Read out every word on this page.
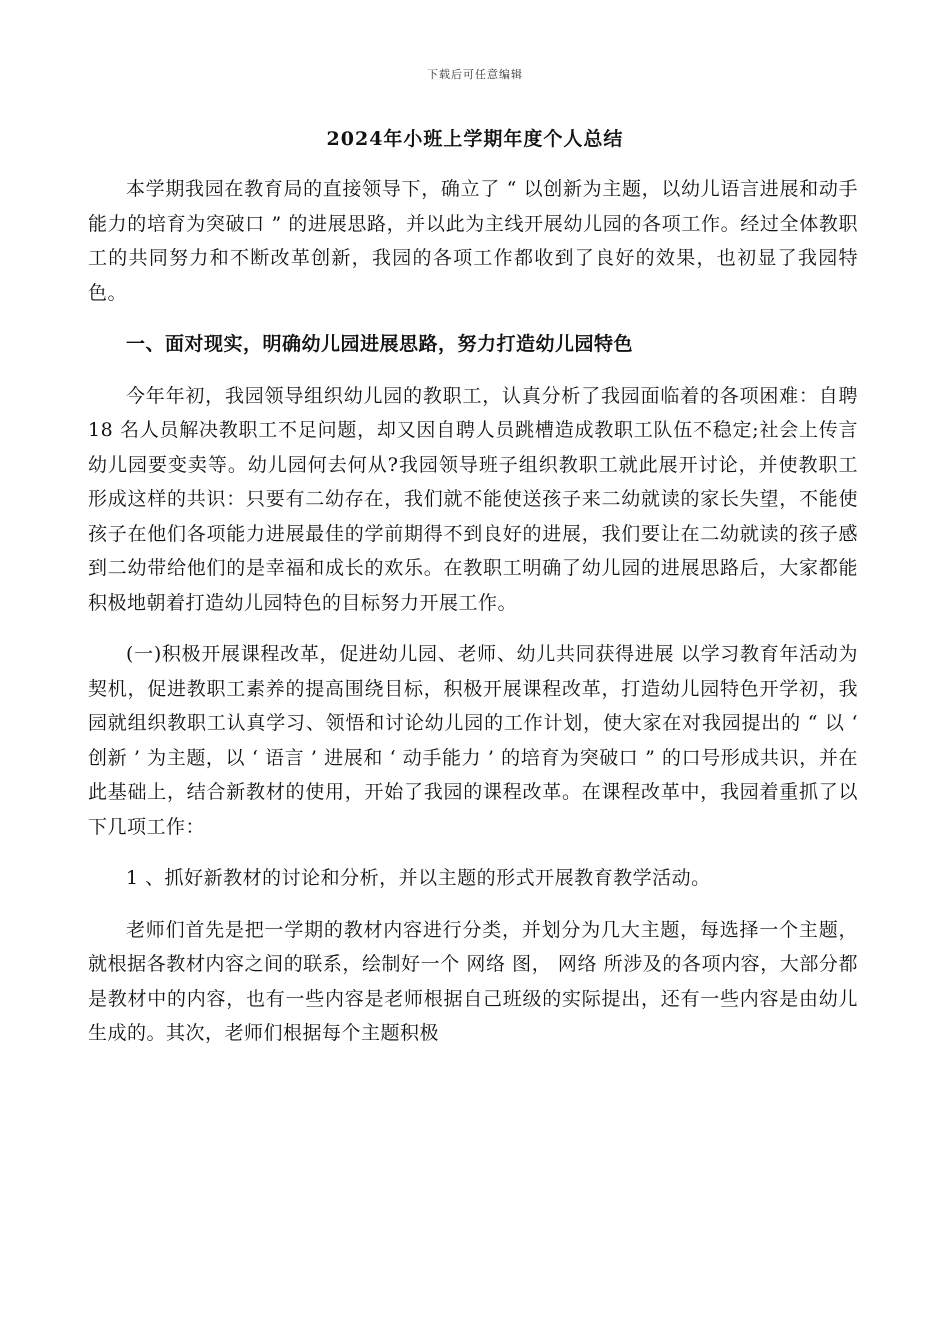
下载后可任意编辑
2024年小班上学期年度个人总结

本学期我园在教育局的直接领导下，确立了 “ 以创新为主题，以幼儿语言进展和动手能力的培育为突破口 ” 的进展思路，并以此为主线开展幼儿园的各项工作。经过全体教职工的共同努力和不断改革创新，我园的各项工作都收到了良好的效果，也初显了我园特色。

一、面对现实，明确幼儿园进展思路，努力打造幼儿园特色

今年年初，我园领导组织幼儿园的教职工，认真分析了我园面临着的各项困难：自聘 18 名人员解决教职工不足问题，却又因自聘人员跳槽造成教职工队伍不稳定;社会上传言幼儿园要变卖等。幼儿园何去何从?我园领导班子组织教职工就此展开讨论，并使教职工形成这样的共识：只要有二幼存在，我们就不能使送孩子来二幼就读的家长失望，不能使孩子在他们各项能力进展最佳的学前期得不到良好的进展，我们要让在二幼就读的孩子感到二幼带给他们的是幸福和成长的欢乐。在教职工明确了幼儿园的进展思路后，大家都能积极地朝着打造幼儿园特色的目标努力开展工作。

(一)积极开展课程改革，促进幼儿园、老师、幼儿共同获得进展 以学习教育年活动为契机，促进教职工素养的提高围绕目标，积极开展课程改革，打造幼儿园特色开学初，我园就组织教职工认真学习、领悟和讨论幼儿园的工作计划，使大家在对我园提出的 “ 以 ‘ 创新 ’ 为主题，以 ‘ 语言 ’ 进展和 ‘ 动手能力 ’ 的培育为突破口 ” 的口号形成共识，并在此基础上，结合新教材的使用，开始了我园的课程改革。在课程改革中，我园着重抓了以下几项工作：

1 、抓好新教材的讨论和分析，并以主题的形式开展教育教学活动。

老师们首先是把一学期的教材内容进行分类，并划分为几大主题，每选择一个主题，就根据各教材内容之间的联系，绘制好一个 网络 图， 网络 所涉及的各项内容，大部分都是教材中的内容，也有一些内容是老师根据自己班级的实际提出，还有一些内容是由幼儿生成的。其次，老师们根据每个主题积极
